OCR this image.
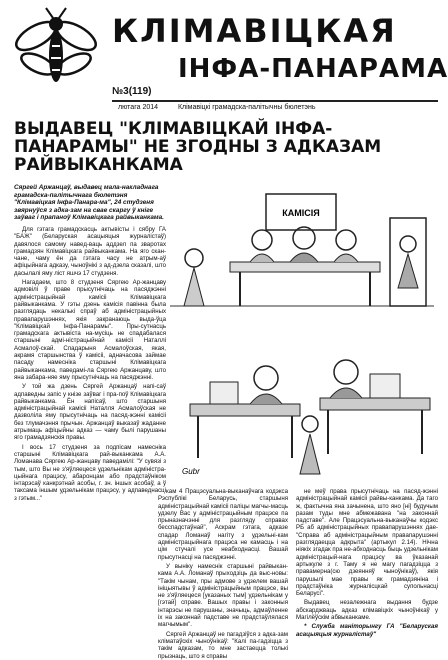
КЛІМАВІЦКАЯ
ІНФА-ПАНАРАМА
№3(119)
лютага 2014	Клімавіцкі грамадска-палітычны бюлетэнь
ВЫДАВЕЦ "КЛІМАВІЦКАЙ ІНФА-ПАНАРАМЫ" НЕ ЗГОДНЫ З АДКАЗАМ РАЙВЫКАНКАМА
Сяргей Аржанцаў, выдавец мала-накладнага грамадска-палітычнага бюлетэня "Клімавіцкая Інфа-Панара-ма", 24 студзеня звярнуўся з адка-зам на свае скаргу ў кніге заўваг і прапаноў Клімавіцкага райвыканкама.

Для гэтага грамадскасць актывісты і сябру ГА "БАЖ" (Беларуская асацыяцыя журналістаў) давялося самому навед-ваць аддзел па зваротах грамадзян Клімавіцкага райвыканкама. На яго скан-чане, чаму ён да гэтага часу не атрым-аў афіцыйнага адказу, чыноўнікі з ад-дзела сказалі, што дасылалі яму ліст яшчэ 17 студзеня.

Нагадаем, што 8 студзеня Сяргею Ар-жанцаву адмовілі ў праве прысутнічаць на пасяджэнні адміністрацыйнай камісіі Клімавіцкага райвыканкама. У гэты дзень камісія павінна была разглядаць некалькі спраў аб адміністрацыйных правапарушэннях, якія закранаюць выда-ўца "Клімавіцкай Інфа-Панарамы". Пры-сутнасць грамадскага актывіста на-мусіць не спадабалася старшыні адмі-ністрацыйнай камісіі Наталлі Асмалоў-скай. Спадарыня Асмалоўская, якая, акрамя старшынства ў камісіі, адначасова займае пасаду намесніка старшыні Клімавіцкага райвыканкама, паведамі-ла Сяргею Аржанцаву, што яна забара-няе яму прысутнічаць на пасяджэнні.

У той жа дзень Сяргей Аржанцаў напі-саў адпаведны запіс у кнізе заўваг і пра-поў Клімавіцкага райвыканкама. Ён напісаў, што старшыня адміністрацыйнай камісіі Наталля Асмалоўская не дазволіла яму прысутнічаць на пасяд-жэнні камісіі без тлумачэння прычын. Аржанцаў выказаў жаданне атрымаць афіцыйны адказ — чаму былі парушаны яго грамадзянскія правы.

І вось 17 студзеня за подпісам намесніка старшыні Клімавіцкага рай-выканкама А.А. Ломанава Сяргею Ар-жанцаву паведамілі: "У сувязі з тым, што Вы не з'яўляецеся удзельнікам адміністра-цыйнага працэсу, абаронцам або прадстаўніком інтарэсаў канкрэтнай асобы, г. зн. іншых асобаў, а ў таксама іншым удзельнікам працэсу, у адпаведнасці з гэтым..."

КАМІСІЯ
Gubr

кам 4 Працэсуальна-выканаўчага кодэкса Рэспублікі Беларусь, старшыня адміністрацыйнай камісіі паліцы магчы-масць удзелу Вас у адміністрацыйным працэсе па прыназначэнні для разгляду справах бесспадстаўнай", Аскрам гэтага, адказе спадар Ломанаў нагіту з удзельні-кам адміністрацыйнага працэса не камасць і на цім стучалі усе неабходнасці. Вашай прысутнасці на пасяджэнні.

У выніку намеснік старшыні райвыкан-кама А.А. Ломанаў прыходзіць да выс-новы: "Такім чынам, пры адмове з удзелем вашай ініцыятывы ў адміністрацыйным працэсе, вы не з'яўляецеся [указаных тым] удзельнікам у [гэтай] справе. Вашых правы і законныя інтарэсы не парушаны, значыць, адмаўленне іх на законнай падставе не прадстаўлялася магчымым".

Сяргей Аржанцаў не пагадзіўся з адка-зам кліматаўскіх чыноўнікаў: "Калі па-гадзіцца з такім адказам, то мне застаецца толькі прызнаць, што я справы

не меў права прысутнічаць на пасяд-жэнні адміністрацыйнай камісіі райвы-канкама. Да таго ж, фактычна яна зачынена, што яно [ні] будучым разам туды мне абмежавана "на законнай падставе". Але Працэсуальна-выканаўчы кодэкс РБ аб адміністрацыйных правапарушэннях дае-"Справа аб адміністрацыйным правапарушэнні разглядаецца адкрыта" (артыкул 2.14). Нічна ніякіх згадак пра не-абходнасць быць удзельнікам адміністрацый-нага працэсу ва ўказанай артыкуле з г. Таму я не магу пагадзіцца з правамерна(сю дзеянняў чыноўнікаў), якія парушылі мае правы як грамадзяніна і прадстаўніка журналісцкай супольнасці Беларусі".

Выдавец незалежнага выдання будзе абскарджваць адказ клімавіцкіх чыноўнікаў у Магілёўскім абвыканкаме.

* Служба маніторынгу ГА "Беларуская асацыяцыя журналістаў"
